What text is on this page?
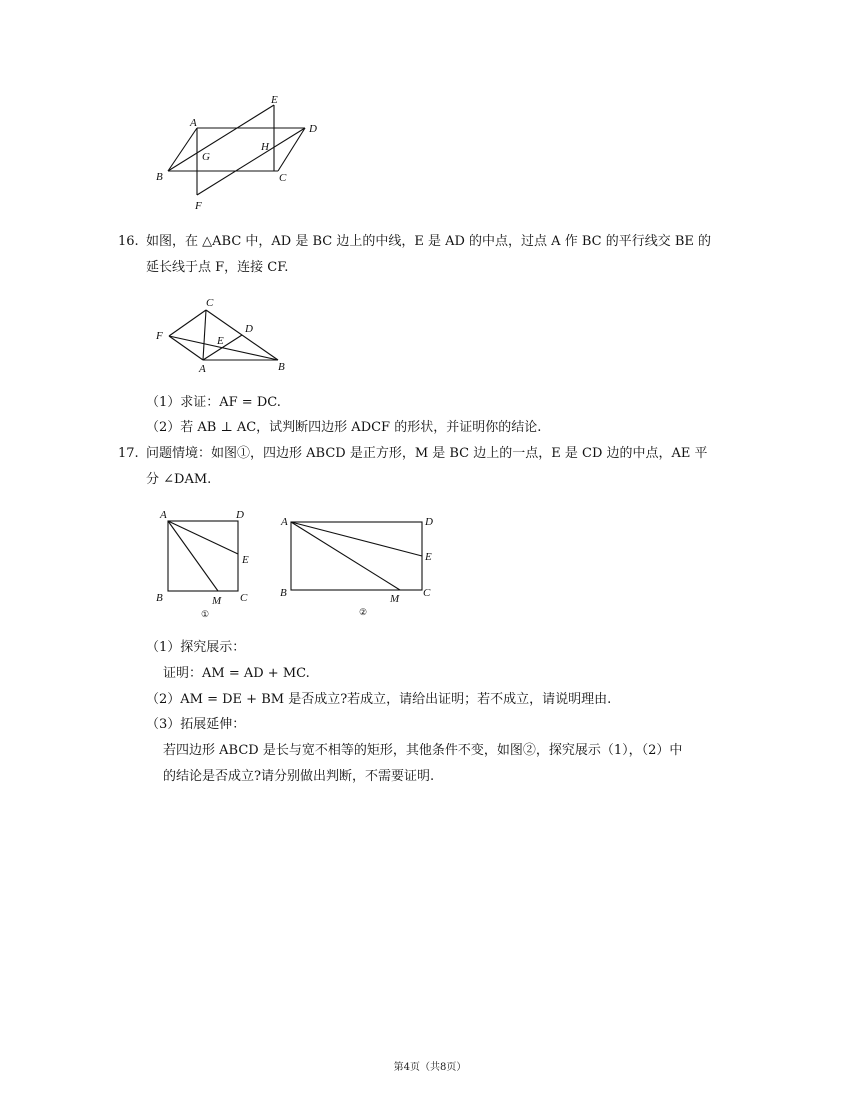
A
E
D
G
H
B	C
F
16. 如图，在 △ABC 中，AD 是 BC 边上的中线，E 是 AD 的中点，过点 A 作 BC 的平行线交 BE 的
延长线于点 F，连接 CF.
C
D
F	E
A	B
（1）求证：AF = DC.
（2）若 AB ⊥ AC，试判断四边形 ADCF 的形状，并证明你的结论.
17. 问题情境：如图①，四边形 ABCD 是正方形，M 是 BC 边上的一点，E 是 CD 边的中点，AE 平
分 ∠DAM.
A	D
E
B	M C
①
A	D
E
B	M C
②
（1）探究展示：
证明：AM = AD + MC.
（2）AM = DE + BM 是否成立?若成立，请给出证明；若不成立，请说明理由.
（3）拓展延伸：
若四边形 ABCD 是长与宽不相等的矩形，其他条件不变，如图②，探究展示（1），（2）中
的结论是否成立?请分别做出判断，不需要证明.
第4页（共8页）
